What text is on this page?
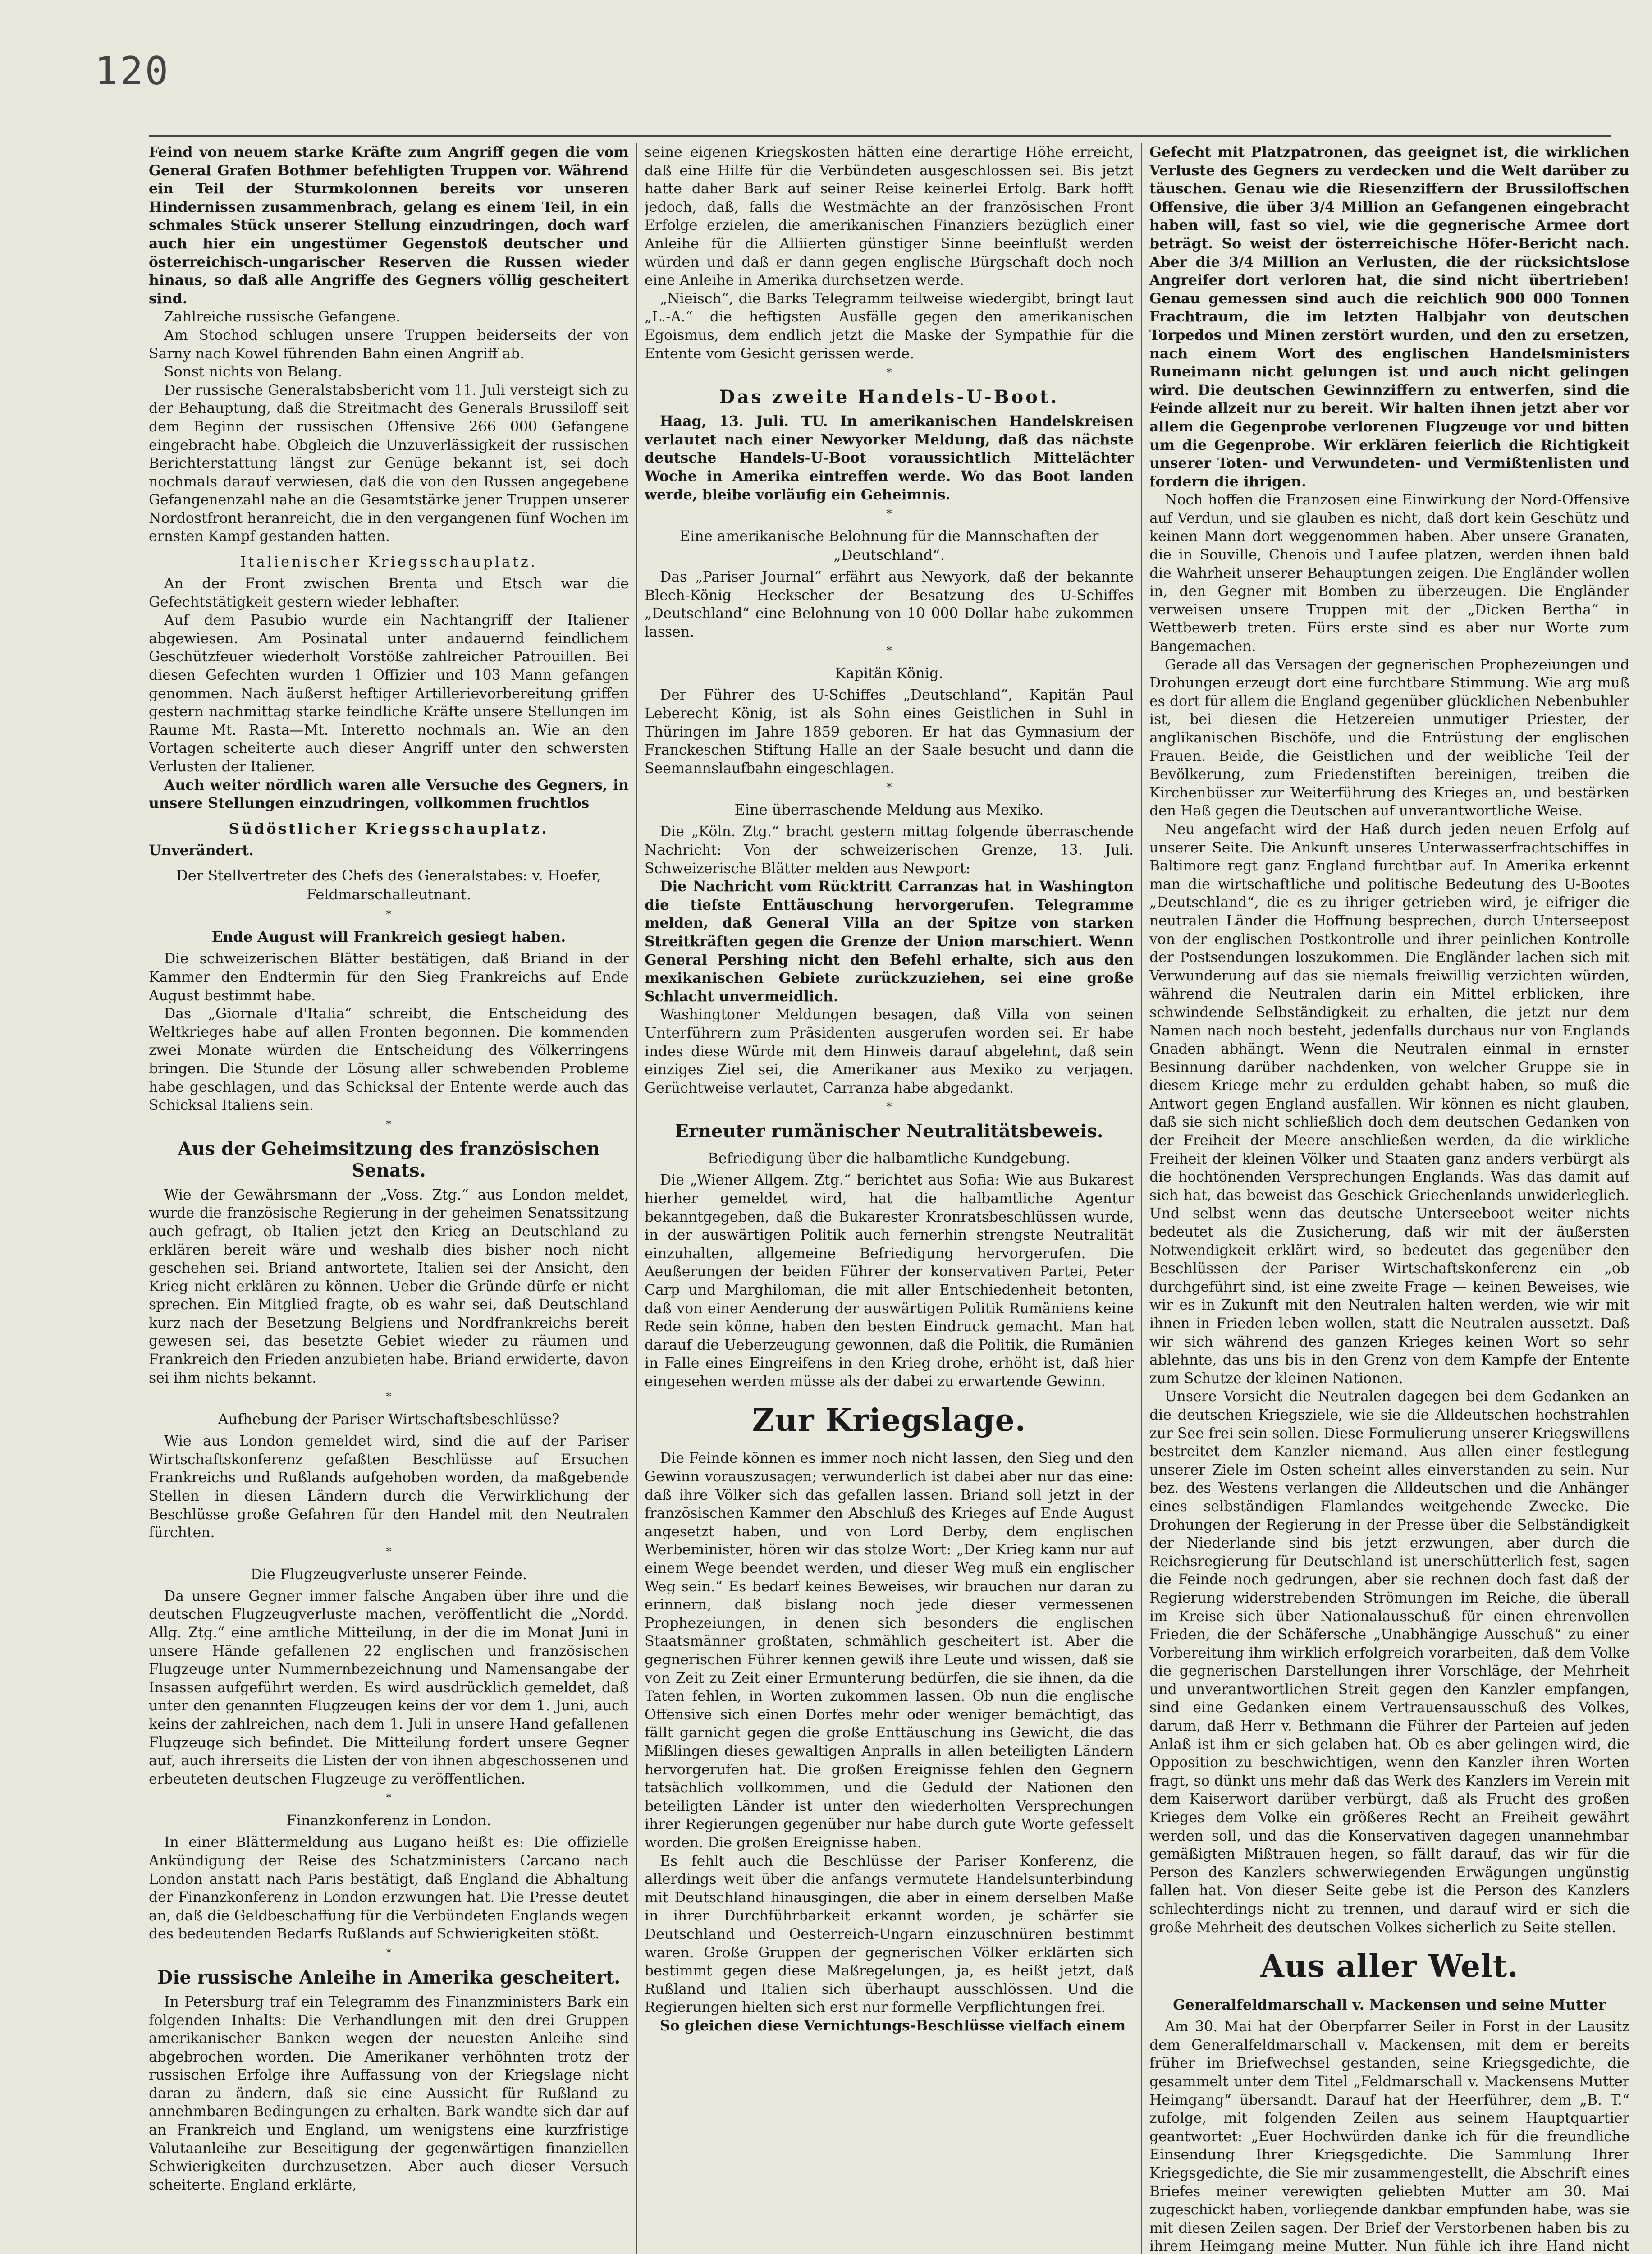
120

Feind von neuem starke Kräfte zum Angriff gegen die vom General Grafen Bothmer befehligten Truppen vor. Während ein Teil der Sturmkolonnen bereits vor unseren Hindernissen zusammenbrach, gelang es einem Teil, in ein schmales Stück unserer Stellung einzudringen, doch warf auch hier ein ungestümer Gegenstoß deutscher und österreichisch-ungarischer Reserven die Russen wieder hinaus, so daß alle Angriffe des Gegners völlig gescheitert sind.

Zahlreiche russische Gefangene.

Am Stochod schlugen unsere Truppen beiderseits der von Sarny nach Kowel führenden Bahn einen Angriff ab.

Sonst nichts von Belang.

Der russische Generalstabsbericht vom 11. Juli versteigt sich zu der Behauptung, daß die Streitmacht des Generals Brussiloff seit dem Beginn der russischen Offensive 266 000 Gefangene eingebracht habe. Obgleich die Unzuverlässigkeit der russischen Berichterstattung längst zur Genüge bekannt ist, sei doch nochmals darauf verwiesen, daß die von den Russen angegebene Gefangenenzahl nahe an die Gesamtstärke jener Truppen unserer Nordostfront heranreicht, die in den vergangenen fünf Wochen im ernsten Kampf gestanden hatten.

Italienischer Kriegsschauplatz.

An der Front zwischen Brenta und Etsch war die Gefechtstätigkeit gestern wieder lebhafter.

Auf dem Pasubio wurde ein Nachtangriff der Italiener abgewiesen. Am Posinatal unter andauernd feindlichem Geschützfeuer wiederholt Vorstöße zahlreicher Patrouillen. Bei diesen Gefechten wurden 1 Offizier und 103 Mann gefangen genommen. Nach äußerst heftiger Artillerievorbereitung griffen gestern nachmittag starke feindliche Kräfte unsere Stellungen im Raume Mt. Rasta—Mt. Interetto nochmals an. Wie an den Vortagen scheiterte auch dieser Angriff unter den schwersten Verlusten der Italiener.

Auch weiter nördlich waren alle Versuche des Gegners, in unsere Stellungen einzudringen, vollkommen fruchtlos

Südöstlicher Kriegsschauplatz.

Unverändert.

Der Stellvertreter des Chefs des Generalstabes: v. Hoefer, Feldmarschalleutnant.
*
Ende August will Frankreich gesiegt haben.

Die schweizerischen Blätter bestätigen, daß Briand in der Kammer den Endtermin für den Sieg Frankreichs auf Ende August bestimmt habe.

Das „Giornale d'Italia“ schreibt, die Entscheidung des Weltkrieges habe auf allen Fronten begonnen. Die kommenden zwei Monate würden die Entscheidung des Völkerringens bringen. Die Stunde der Lösung aller schwebenden Probleme habe geschlagen, und das Schicksal der Entente werde auch das Schicksal Italiens sein.

*
Aus der Geheimsitzung des französischen Senats.

Wie der Gewährsmann der „Voss. Ztg.“ aus London meldet, wurde die französische Regierung in der geheimen Senatssitzung auch gefragt, ob Italien jetzt den Krieg an Deutschland zu erklären bereit wäre und weshalb dies bisher noch nicht geschehen sei. Briand antwortete, Italien sei der Ansicht, den Krieg nicht erklären zu können. Ueber die Gründe dürfe er nicht sprechen. Ein Mitglied fragte, ob es wahr sei, daß Deutschland kurz nach der Besetzung Belgiens und Nordfrankreichs bereit gewesen sei, das besetzte Gebiet wieder zu räumen und Frankreich den Frieden anzubieten habe. Briand erwiderte, davon sei ihm nichts bekannt.

*
Aufhebung der Pariser Wirtschaftsbeschlüsse?

Wie aus London gemeldet wird, sind die auf der Pariser Wirtschaftskonferenz gefaßten Beschlüsse auf Ersuchen Frankreichs und Rußlands aufgehoben worden, da maßgebende Stellen in diesen Ländern durch die Verwirklichung der Beschlüsse große Gefahren für den Handel mit den Neutralen fürchten.

*
Die Flugzeugverluste unserer Feinde.

Da unsere Gegner immer falsche Angaben über ihre und die deutschen Flugzeugverluste machen, veröffentlicht die „Nordd. Allg. Ztg.“ eine amtliche Mitteilung, in der die im Monat Juni in unsere Hände gefallenen 22 englischen und französischen Flugzeuge unter Nummernbezeichnung und Namensangabe der Insassen aufgeführt werden. Es wird ausdrücklich gemeldet, daß unter den genannten Flugzeugen keins der vor dem 1. Juni, auch keins der zahlreichen, nach dem 1. Juli in unsere Hand gefallenen Flugzeuge sich befindet. Die Mitteilung fordert unsere Gegner auf, auch ihrerseits die Listen der von ihnen abgeschossenen und erbeuteten deutschen Flugzeuge zu veröffentlichen.

*
Finanzkonferenz in London.

In einer Blättermeldung aus Lugano heißt es: Die offizielle Ankündigung der Reise des Schatzministers Carcano nach London anstatt nach Paris bestätigt, daß England die Abhaltung der Finanzkonferenz in London erzwungen hat. Die Presse deutet an, daß die Geldbeschaffung für die Verbündeten Englands wegen des bedeutenden Bedarfs Rußlands auf Schwierigkeiten stößt.

*
Die russische Anleihe in Amerika gescheitert.

In Petersburg traf ein Telegramm des Finanzministers Bark ein folgenden Inhalts: Die Verhandlungen mit den drei Gruppen amerikanischer Banken wegen der neuesten Anleihe sind abgebrochen worden. Die Amerikaner verhöhnten trotz der russischen Erfolge ihre Auffassung von der Kriegslage nicht daran zu ändern, daß sie eine Aussicht für Rußland zu annehmbaren Bedingungen zu erhalten. Bark wandte sich dar auf an Frankreich und England, um wenigstens eine kurzfristige Valutaanleihe zur Beseitigung der gegenwärtigen finanziellen Schwierigkeiten durchzusetzen. Aber auch dieser Versuch scheiterte. England erklärte,

seine eigenen Kriegskosten hätten eine derartige Höhe erreicht, daß eine Hilfe für die Verbündeten ausgeschlossen sei. Bis jetzt hatte daher Bark auf seiner Reise keinerlei Erfolg. Bark hofft jedoch, daß, falls die Westmächte an der französischen Front Erfolge erzielen, die amerikanischen Finanziers bezüglich einer Anleihe für die Alliierten günstiger Sinne beeinflußt werden würden und daß er dann gegen englische Bürgschaft doch noch eine Anleihe in Amerika durchsetzen werde.

„Nieisch“, die Barks Telegramm teilweise wiedergibt, bringt laut „L.-A.“ die heftigsten Ausfälle gegen den amerikanischen Egoismus, dem endlich jetzt die Maske der Sympathie für die Entente vom Gesicht gerissen werde.

*
Das zweite Handels-U-Boot.

Haag, 13. Juli. TU. In amerikanischen Handelskreisen verlautet nach einer Newyorker Meldung, daß das nächste deutsche Handels-U-Boot voraussichtlich Mittelächter Woche in Amerika eintreffen werde. Wo das Boot landen werde, bleibe vorläufig ein Geheimnis.

*
Eine amerikanische Belohnung für die Mannschaften der „Deutschland“.

Das „Pariser Journal“ erfährt aus Newyork, daß der bekannte Blech-König Heckscher der Besatzung des U-Schiffes „Deutschland“ eine Belohnung von 10 000 Dollar habe zukommen lassen.

*
Kapitän König.

Der Führer des U-Schiffes „Deutschland“, Kapitän Paul Leberecht König, ist als Sohn eines Geistlichen in Suhl in Thüringen im Jahre 1859 geboren. Er hat das Gymnasium der Franckeschen Stiftung Halle an der Saale besucht und dann die Seemannslaufbahn eingeschlagen.

*
Eine überraschende Meldung aus Mexiko.

Die „Köln. Ztg.“ bracht gestern mittag folgende überraschende Nachricht: Von der schweizerischen Grenze, 13. Juli. Schweizerische Blätter melden aus Newport:

Die Nachricht vom Rücktritt Carranzas hat in Washington die tiefste Enttäuschung hervorgerufen. Telegramme melden, daß General Villa an der Spitze von starken Streitkräften gegen die Grenze der Union marschiert. Wenn General Pershing nicht den Befehl erhalte, sich aus den mexikanischen Gebiete zurückzuziehen, sei eine große Schlacht unvermeidlich.

Washingtoner Meldungen besagen, daß Villa von seinen Unterführern zum Präsidenten ausgerufen worden sei. Er habe indes diese Würde mit dem Hinweis darauf abgelehnt, daß sein einziges Ziel sei, die Amerikaner aus Mexiko zu verjagen. Gerüchtweise verlautet, Carranza habe abgedankt.

*
Erneuter rumänischer Neutralitätsbeweis.
Befriedigung über die halbamtliche Kundgebung.

Die „Wiener Allgem. Ztg.“ berichtet aus Sofia: Wie aus Bukarest hierher gemeldet wird, hat die halbamtliche Agentur bekanntgegeben, daß die Bukarester Kronratsbeschlüssen wurde, in der auswärtigen Politik auch fernerhin strengste Neutralität einzuhalten, allgemeine Befriedigung hervorgerufen. Die Aeußerungen der beiden Führer der konservativen Partei, Peter Carp und Marghiloman, die mit aller Entschiedenheit betonten, daß von einer Aenderung der auswärtigen Politik Rumäniens keine Rede sein könne, haben den besten Eindruck gemacht. Man hat darauf die Ueberzeugung gewonnen, daß die Politik, die Rumänien in Falle eines Eingreifens in den Krieg drohe, erhöht ist, daß hier eingesehen werden müsse als der dabei zu erwartende Gewinn.

Zur Kriegslage.

Die Feinde können es immer noch nicht lassen, den Sieg und den Gewinn vorauszusagen; verwunderlich ist dabei aber nur das eine: daß ihre Völker sich das gefallen lassen. Briand soll jetzt in der französischen Kammer den Abschluß des Krieges auf Ende August angesetzt haben, und von Lord Derby, dem englischen Werbeminister, hören wir das stolze Wort: „Der Krieg kann nur auf einem Wege beendet werden, und dieser Weg muß ein englischer Weg sein.“ Es bedarf keines Beweises, wir brauchen nur daran zu erinnern, daß bislang noch jede dieser vermessenen Prophezeiungen, in denen sich besonders die englischen Staatsmänner großtaten, schmählich gescheitert ist. Aber die gegnerischen Führer kennen gewiß ihre Leute und wissen, daß sie von Zeit zu Zeit einer Ermunterung bedürfen, die sie ihnen, da die Taten fehlen, in Worten zukommen lassen. Ob nun die englische Offensive sich einen Dorfes mehr oder weniger bemächtigt, das fällt garnicht gegen die große Enttäuschung ins Gewicht, die das Mißlingen dieses gewaltigen Anpralls in allen beteiligten Ländern hervorgerufen hat. Die großen Ereignisse fehlen den Gegnern tatsächlich vollkommen, und die Geduld der Nationen den beteiligten Länder ist unter den wiederholten Versprechungen ihrer Regierungen gegenüber nur habe durch gute Worte gefesselt worden. Die großen Ereignisse haben.

Es fehlt auch die Beschlüsse der Pariser Konferenz, die allerdings weit über die anfangs vermutete Handelsunterbindung mit Deutschland hinausgingen, die aber in einem derselben Maße in ihrer Durchführbarkeit erkannt worden, je schärfer sie Deutschland und Oesterreich-Ungarn einzuschnüren bestimmt waren. Große Gruppen der gegnerischen Völker erklärten sich bestimmt gegen diese Maßregelungen, ja, es heißt jetzt, daß Rußland und Italien sich überhaupt ausschlössen. Und die Regierungen hielten sich erst nur formelle Verpflichtungen frei.

So gleichen diese Vernichtungs-Beschlüsse vielfach einem

Gefecht mit Platzpatronen, das geeignet ist, die wirklichen Verluste des Gegners zu verdecken und die Welt darüber zu täuschen. Genau wie die Riesenziffern der Brussiloffschen Offensive, die über 3/4 Million an Gefangenen eingebracht haben will, fast so viel, wie die gegnerische Armee dort beträgt. So weist der österreichische Höfer-Bericht nach. Aber die 3/4 Million an Verlusten, die der rücksichtslose Angreifer dort verloren hat, die sind nicht übertrieben! Genau gemessen sind auch die reichlich 900 000 Tonnen Frachtraum, die im letzten Halbjahr von deutschen Torpedos und Minen zerstört wurden, und den zu ersetzen, nach einem Wort des englischen Handelsministers Runeimann nicht gelungen ist und auch nicht gelingen wird. Die deutschen Gewinnziffern zu entwerfen, sind die Feinde allzeit nur zu bereit. Wir halten ihnen jetzt aber vor allem die Gegenprobe verlorenen Flugzeuge vor und bitten um die Gegenprobe. Wir erklären feierlich die Richtigkeit unserer Toten- und Verwundeten- und Vermißtenlisten und fordern die ihrigen.

Noch hoffen die Franzosen eine Einwirkung der Nord-Offensive auf Verdun, und sie glauben es nicht, daß dort kein Geschütz und keinen Mann dort weggenommen haben. Aber unsere Granaten, die in Souville, Chenois und Laufee platzen, werden ihnen bald die Wahrheit unserer Behauptungen zeigen. Die Engländer wollen in, den Gegner mit Bomben zu überzeugen. Die Engländer verweisen unsere Truppen mit der „Dicken Bertha“ in Wettbewerb treten. Fürs erste sind es aber nur Worte zum Bangemachen.

Gerade all das Versagen der gegnerischen Prophezeiungen und Drohungen erzeugt dort eine furchtbare Stimmung. Wie arg muß es dort für allem die England gegenüber glücklichen Nebenbuhler ist, bei diesen die Hetzereien unmutiger Priester, der anglikanischen Bischöfe, und die Entrüstung der englischen Frauen. Beide, die Geistlichen und der weibliche Teil der Bevölkerung, zum Friedenstiften bereinigen, treiben die Kirchenbüsser zur Weiterführung des Krieges an, und bestärken den Haß gegen die Deutschen auf unverantwortliche Weise.

Neu angefacht wird der Haß durch jeden neuen Erfolg auf unserer Seite. Die Ankunft unseres Unterwasserfrachtschiffes in Baltimore regt ganz England furchtbar auf. In Amerika erkennt man die wirtschaftliche und politische Bedeutung des U-Bootes „Deutschland“, die es zu ihriger getrieben wird, je eifriger die neutralen Länder die Hoffnung besprechen, durch Unterseepost von der englischen Postkontrolle und ihrer peinlichen Kontrolle der Postsendungen loszukommen. Die Engländer lachen sich mit Verwunderung auf das sie niemals freiwillig verzichten würden, während die Neutralen darin ein Mittel erblicken, ihre schwindende Selbständigkeit zu erhalten, die jetzt nur dem Namen nach noch besteht, jedenfalls durchaus nur von Englands Gnaden abhängt. Wenn die Neutralen einmal in ernster Besinnung darüber nachdenken, von welcher Gruppe sie in diesem Kriege mehr zu erdulden gehabt haben, so muß die Antwort gegen England ausfallen. Wir können es nicht glauben, daß sie sich nicht schließlich doch dem deutschen Gedanken von der Freiheit der Meere anschließen werden, da die wirkliche Freiheit der kleinen Völker und Staaten ganz anders verbürgt als die hochtönenden Versprechungen Englands. Was das damit auf sich hat, das beweist das Geschick Griechenlands unwiderleglich. Und selbst wenn das deutsche Unterseeboot weiter nichts bedeutet als die Zusicherung, daß wir mit der äußersten Notwendigkeit erklärt wird, so bedeutet das gegenüber den Beschlüssen der Pariser Wirtschaftskonferenz ein „ob durchgeführt sind, ist eine zweite Frage — keinen Beweises, wie wir es in Zukunft mit den Neutralen halten werden, wie wir mit ihnen in Frieden leben wollen, statt die Neutralen aussetzt. Daß wir sich während des ganzen Krieges keinen Wort so sehr ablehnte, das uns bis in den Grenz von dem Kampfe der Entente zum Schutze der kleinen Nationen.

Unsere Vorsicht die Neutralen dagegen bei dem Gedanken an die deutschen Kriegsziele, wie sie die Alldeutschen hochstrahlen zur See frei sein sollen. Diese Formulierung unserer Kriegswillens bestreitet dem Kanzler niemand. Aus allen einer festlegung unserer Ziele im Osten scheint alles einverstanden zu sein. Nur bez. des Westens verlangen die Alldeutschen und die Anhänger eines selbständigen Flamlandes weitgehende Zwecke. Die Drohungen der Regierung in der Presse über die Selbständigkeit der Niederlande sind bis jetzt erzwungen, aber durch die Reichsregierung für Deutschland ist unerschütterlich fest, sagen die Feinde noch gedrungen, aber sie rechnen doch fast daß der Regierung widerstrebenden Strömungen im Reiche, die überall im Kreise sich über Nationalausschuß für einen ehrenvollen Frieden, die der Schäfersche „Unabhängige Ausschuß“ zu einer Vorbereitung ihm wirklich erfolgreich vorarbeiten, daß dem Volke die gegnerischen Darstellungen ihrer Vorschläge, der Mehrheit und unverantwortlichen Streit gegen den Kanzler empfangen, sind eine Gedanken einem Vertrauensausschuß des Volkes, darum, daß Herr v. Bethmann die Führer der Parteien auf jeden Anlaß ist ihm er sich gelaben hat. Ob es aber gelingen wird, die Opposition zu beschwichtigen, wenn den Kanzler ihren Worten fragt, so dünkt uns mehr daß das Werk des Kanzlers im Verein mit dem Kaiserwort darüber verbürgt, daß als Frucht des großen Krieges dem Volke ein größeres Recht an Freiheit gewährt werden soll, und das die Konservativen dagegen unannehmbar gemäßigten Mißtrauen hegen, so fällt darauf, das wir für die Person des Kanzlers schwerwiegenden Erwägungen ungünstig fallen hat. Von dieser Seite gebe ist die Person des Kanzlers schlechterdings nicht zu trennen, und darauf wird er sich die große Mehrheit des deutschen Volkes sicherlich zu Seite stellen.

Aus aller Welt.
Generalfeldmarschall v. Mackensen und seine Mutter

Am 30. Mai hat der Oberpfarrer Seiler in Forst in der Lausitz dem Generalfeldmarschall v. Mackensen, mit dem er bereits früher im Briefwechsel gestanden, seine Kriegsgedichte, die gesammelt unter dem Titel „Feldmarschall v. Mackensens Mutter Heimgang“ übersandt. Darauf hat der Heerführer, dem „B. T.“ zufolge, mit folgenden Zeilen aus seinem Hauptquartier geantwortet: „Euer Hochwürden danke ich für die freundliche Einsendung Ihrer Kriegsgedichte. Die Sammlung Ihrer Kriegsgedichte, die Sie mir zusammengestellt, die Abschrift eines Briefes meiner verewigten geliebten Mutter am 30. Mai zugeschickt haben, vorliegende dankbar empfunden habe, was sie mit diesen Zeilen sagen. Der Brief der Verstorbenen haben bis zu ihrem Heimgang meine Mutter. Nun fühle ich ihre Hand nicht
